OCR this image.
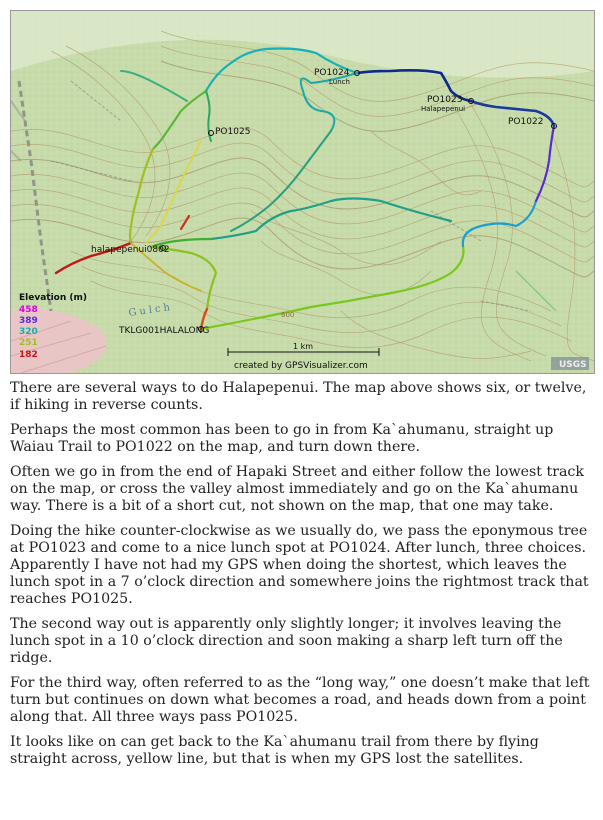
PO1024
Lunch
PO1023
Halapepenui
PO1022
PO1025
halapepenui0802
TKLG001HALALONG
600
Gulch
Elevation (m)
458
389
320
251
182
1 km
created by GPSVisualizer.com	USGS

There are several ways to do Halapepenui. The map above shows six, or twelve, if hiking in reverse counts.

Perhaps the most common has been to go in from Ka`ahumanu, straight up Waiau Trail to PO1022 on the map, and turn down there.

Often we go in from the end of Hapaki Street and either follow the lowest track on the map, or cross the valley almost immediately and go on the Ka`ahumanu way. There is a bit of a short cut, not shown on the map, that one may take.

Doing the hike counter-clockwise as we usually do, we pass the eponymous tree at PO1023 and come to a nice lunch spot at PO1024. After lunch, three choices. Apparently I have not had my GPS when doing the shortest, which leaves the lunch spot in a 7 o’clock direction and somewhere joins the rightmost track that reaches PO1025.

The second way out is apparently only slightly longer; it involves leaving the lunch spot in a 10 o’clock direction and soon making a sharp left turn off the ridge.

For the third way, often referred to as the “long way,” one doesn’t make that left turn but continues on down what becomes a road, and heads down from a point along that. All three ways pass PO1025.

It looks like on can get back to the Ka`ahumanu trail from there by flying straight across, yellow line, but that is when my GPS lost the satellites.
